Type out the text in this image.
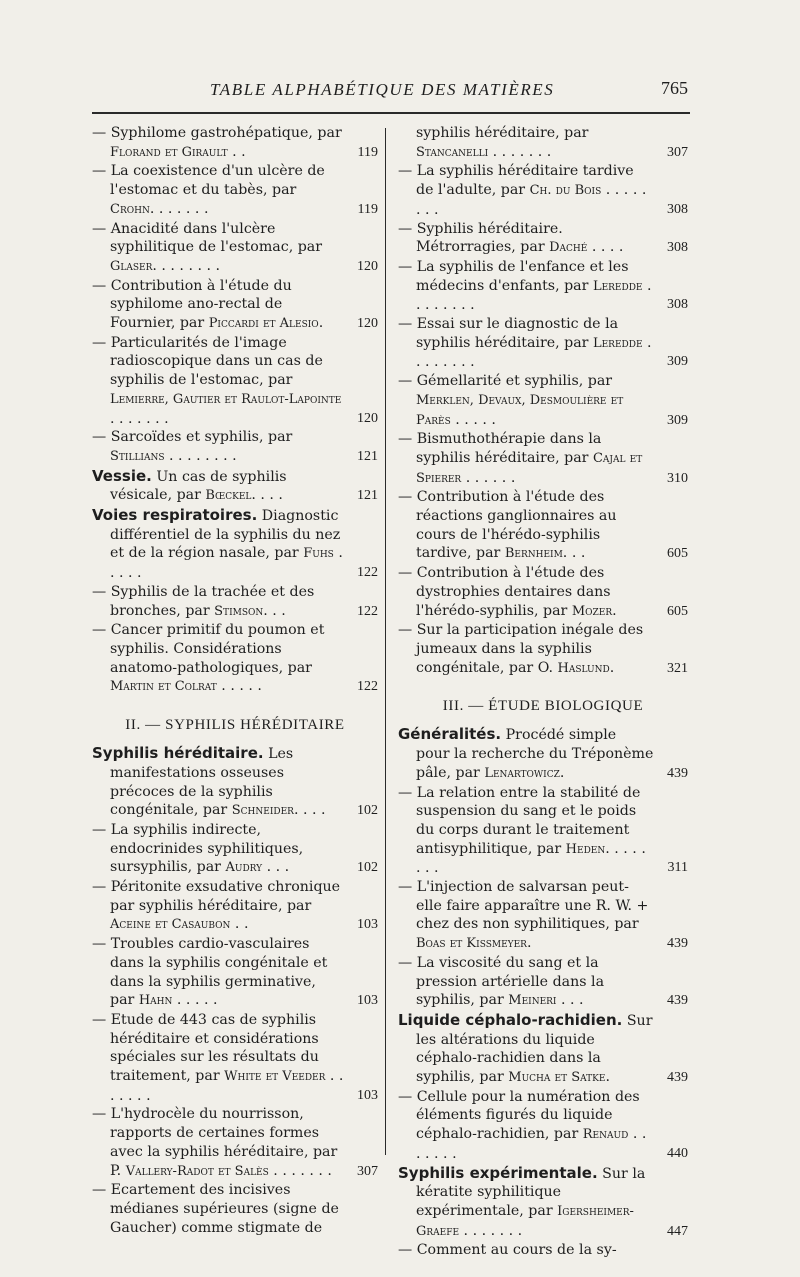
TABLE ALPHABÉTIQUE DES MATIÈRES	765

— Syphilome gastrohépatique, par Florand et Girault . .	119

— La coexistence d'un ulcère de l'estomac et du tabès, par Crohn. . . . . . .	119

— Anacidité dans l'ulcère syphilitique de l'estomac, par Glaser. . . . . . . .	120

— Contribution à l'étude du syphilome ano-rectal de Fournier, par Piccardi et Alesio. 120

— Particularités de l'image radioscopique dans un cas de syphilis de l'estomac, par Lemierre, Gautier et Raulot-Lapointe . . . . . . .	120

— Sarcoïdes et syphilis, par Stillians . . . . . . . .	121

Vessie. Un cas de syphilis vésicale, par Bœckel. . . .	121

Voies respiratoires. Diagnostic différentiel de la syphilis du nez et de la région nasale, par Fuhs . . . . .	122

— Syphilis de la trachée et des bronches, par Stimson. . .	122

— Cancer primitif du poumon et syphilis. Considérations anatomo-pathologiques, par Martin et Colrat . . . . .	122

II. — SYPHILIS HÉRÉDITAIRE

Syphilis héréditaire. Les manifestations osseuses précoces de la syphilis congénitale, par Schneider. . . . 102

— La syphilis indirecte, endocrinides syphilitiques, sursyphilis, par Audry . . .	102

— Péritonite exsudative chronique par syphilis héréditaire, par Aceine et Casaubon . .	103

— Troubles cardio-vasculaires dans la syphilis congénitale et dans la syphilis germinative, par Hahn . . . . .	103

— Etude de 443 cas de syphilis héréditaire et considérations spéciales sur les résultats du traitement, par White et Veeder . . . . . . .	103

— L'hydrocèle du nourrisson, rapports de certaines formes avec la syphilis héréditaire, par P. Vallery-Radot et Salès . . . . . . . 307

— Ecartement des incisives médianes supérieures (signe de Gaucher) comme stigmate de

syphilis héréditaire, par Stancanelli . . . . . . .	307

— La syphilis héréditaire tardive de l'adulte, par Ch. du Bois . . . . . . . .	308

— Syphilis héréditaire. Métrorragies, par Daché . . . .	308

— La syphilis de l'enfance et les médecins d'enfants, par Leredde . . . . . . . .	308

— Essai sur le diagnostic de la syphilis héréditaire, par Leredde . . . . . . . .	309

— Gémellarité et syphilis, par Merklen, Devaux, Desmoulière et Parès . . . . .	309

— Bismuthothérapie dans la syphilis héréditaire, par Cajal et Spierer . . . . . .	310

— Contribution à l'étude des réactions ganglionnaires au cours de l'hérédo-syphilis tardive, par Bernheim. . .	605

— Contribution à l'étude des dystrophies dentaires dans l'hérédo-syphilis, par Mozer.	605

— Sur la participation inégale des jumeaux dans la syphilis congénitale, par O. Haslund.	321

III. — ÉTUDE BIOLOGIQUE

Généralités. Procédé simple pour la recherche du Tréponème pâle, par Lenartowicz.	439

— La relation entre la stabilité de suspension du sang et le poids du corps durant le traitement antisyphilitique, par Heden. . . . . . . .	311

— L'injection de salvarsan peut-elle faire apparaître une R. W. + chez des non syphilitiques, par Boas et Kissmeyer.	439

— La viscosité du sang et la pression artérielle dans la syphilis, par Meineri . . .	439

Liquide céphalo-rachidien. Sur les altérations du liquide céphalo-rachidien dans la syphilis, par Mucha et Satke.	439

— Cellule pour la numération des éléments figurés du liquide céphalo-rachidien, par Renaud . . . . . . .	440

Syphilis expérimentale. Sur la kératite syphilitique expérimentale, par Igersheimer-Graefe . . . . . . .	447

— Comment au cours de la sy-
